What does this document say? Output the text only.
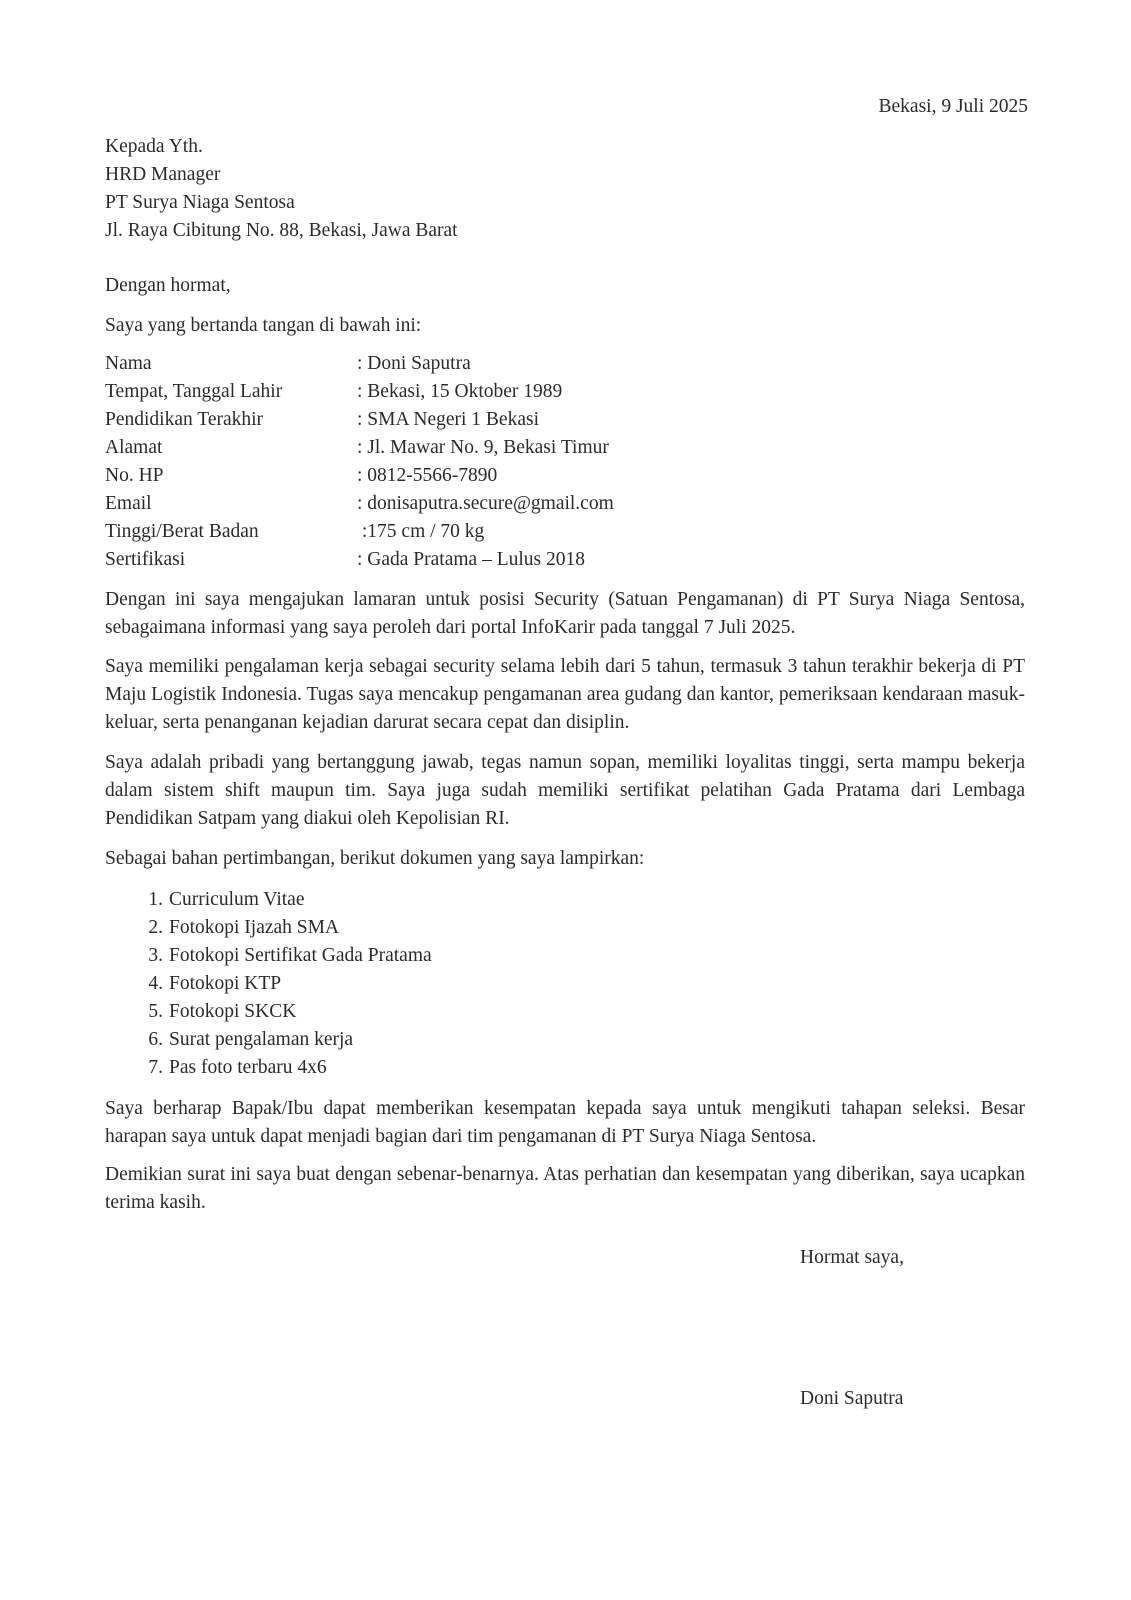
Bekasi, 9 Juli 2025

Kepada Yth.
HRD Manager
PT Surya Niaga Sentosa
Jl. Raya Cibitung No. 88, Bekasi, Jawa Barat

Dengan hormat,

Saya yang bertanda tangan di bawah ini:

Nama	: Doni Saputra
Tempat, Tanggal Lahir	: Bekasi, 15 Oktober 1989
Pendidikan Terakhir	: SMA Negeri 1 Bekasi
Alamat	: Jl. Mawar No. 9, Bekasi Timur
No. HP	: 0812-5566-7890
Email	: donisaputra.secure@gmail.com
Tinggi/Berat Badan	:175 cm / 70 kg
Sertifikasi	: Gada Pratama – Lulus 2018

Dengan ini saya mengajukan lamaran untuk posisi Security (Satuan Pengamanan) di PT Surya Niaga Sentosa, sebagaimana informasi yang saya peroleh dari portal InfoKarir pada tanggal 7 Juli 2025.

Saya memiliki pengalaman kerja sebagai security selama lebih dari 5 tahun, termasuk 3 tahun terakhir bekerja di PT Maju Logistik Indonesia. Tugas saya mencakup pengamanan area gudang dan kantor, pemeriksaan kendaraan masuk-keluar, serta penanganan kejadian darurat secara cepat dan disiplin.

Saya adalah pribadi yang bertanggung jawab, tegas namun sopan, memiliki loyalitas tinggi, serta mampu bekerja dalam sistem shift maupun tim. Saya juga sudah memiliki sertifikat pelatihan Gada Pratama dari Lembaga Pendidikan Satpam yang diakui oleh Kepolisian RI.

Sebagai bahan pertimbangan, berikut dokumen yang saya lampirkan:

1. Curriculum Vitae
2. Fotokopi Ijazah SMA
3. Fotokopi Sertifikat Gada Pratama
4. Fotokopi KTP
5. Fotokopi SKCK
6. Surat pengalaman kerja
7. Pas foto terbaru 4x6

Saya berharap Bapak/Ibu dapat memberikan kesempatan kepada saya untuk mengikuti tahapan seleksi. Besar harapan saya untuk dapat menjadi bagian dari tim pengamanan di PT Surya Niaga Sentosa.

Demikian surat ini saya buat dengan sebenar-benarnya. Atas perhatian dan kesempatan yang diberikan, saya ucapkan terima kasih.

Hormat saya,

Doni Saputra
